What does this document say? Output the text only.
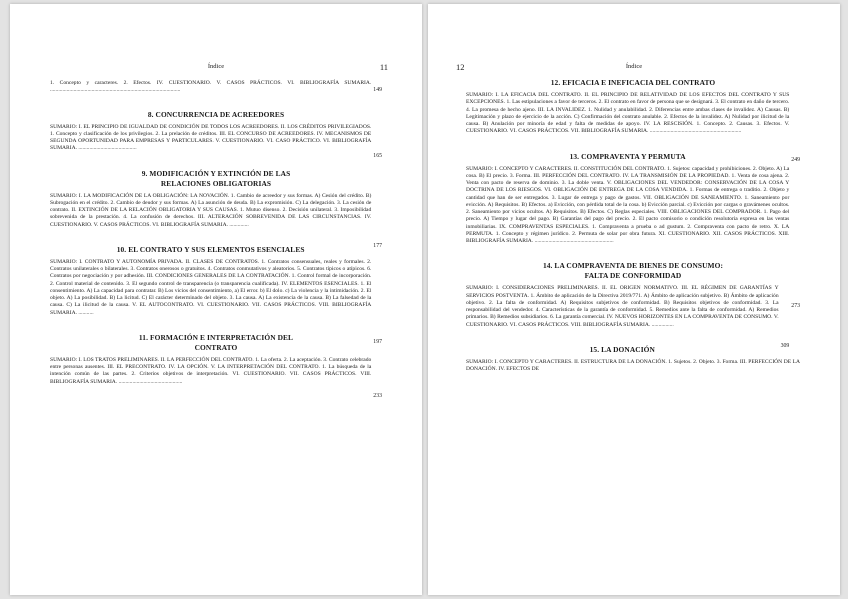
Índice	11

149
1. Concepto y caracteres. 2. Efectos. IV. CUESTIONARIO. V. CASOS PRÁCTICOS. VI. BIBLIOGRAFÍA SUMARIA. ..............................................................................................

8. CONCURRENCIA DE ACREEDORES

165
SUMARIO: I. EL PRINCIPIO DE IGUALDAD DE CONDICIÓN DE TODOS LOS ACREEDORES. II. LOS CRÉDITOS PRIVILEGIADOS. 1. Concepto y clasificación de los privilegios. 2. La prelación de créditos. III. EL CONCURSO DE ACREEDORES. IV. MECANISMOS DE SEGUNDA OPORTUNIDAD PARA EMPRESAS Y PARTICULARES. V. CUESTIONARIO. VI. CASO PRÁCTICO. VI. BIBLIOGRAFÍA SUMARIA. ..........................................

9. MODIFICACIÓN Y EXTINCIÓN DE LAS RELACIONES OBLIGATORIAS

177
SUMARIO: I. LA MODIFICACIÓN DE LA OBLIGACIÓN: LA NOVACIÓN. 1. Cambio de acreedor y sus formas. A) Cesión del crédito. B) Subrogación en el crédito. 2. Cambio de deudor y sus formas. A) La asunción de deuda. B) La expromisión. C) La delegación. 3. La cesión de contrato. II. EXTINCIÓN DE LA RELACIÓN OBLIGATORIA Y SUS CAUSAS. 1. Mutuo disenso. 2. Decisión unilateral. 3. Imposibilidad sobrevenida de la prestación. 4. La confusión de derechos. III. ALTERACIÓN SOBREVENIDA DE LAS CIRCUNSTANCIAS. IV. CUESTIONARIO. V. CASOS PRÁCTICOS. VI. BIBLIOGRAFÍA SUMARIA. ..............

10. EL CONTRATO Y SUS ELEMENTOS ESENCIALES

197
SUMARIO: I. CONTRATO Y AUTONOMÍA PRIVADA. II. CLASES DE CONTRATOS. 1. Contratos consensuales, reales y formales. 2. Contratos unilaterales o bilaterales. 3. Contratos onerosos o gratuitos. 4. Contratos conmutativos y aleatorios. 5. Contratos típicos o atípicos. 6. Contratos por negociación y por adhesión. III. CONDICIONES GENERALES DE LA CONTRATACIÓN. 1. Control formal de incorporación. 2. Control material de contenido. 3. El segundo control de transparencia (o transparencia cualificada). IV. ELEMENTOS ESENCIALES. 1. El consentimiento. A) La capacidad para contratar. B) Los vicios del consentimiento, a) El error. b) El dolo. c) La violencia y la intimidación. 2. El objeto. A) La posibilidad. B) La licitud. C) El carácter determinado del objeto. 3. La causa. A) La existencia de la causa. B) La falsedad de la causa. C) La ilicitud de la causa. V. EL AUTOCONTRATO. VI. CUESTIONARIO. VII. CASOS PRÁCTICOS. VIII. BIBLIOGRAFÍA SUMARIA. ...........

11. FORMACIÓN E INTERPRETACIÓN DEL CONTRATO

233
SUMARIO: I. LOS TRATOS PRELIMINARES. II. LA PERFECCIÓN DEL CONTRATO. 1. La oferta. 2. La aceptación. 3. Contrato celebrado entre personas ausentes. III. EL PRECONTRATO. IV. LA OPCIÓN. V. LA INTERPRETACIÓN DEL CONTRATO. 1. La búsqueda de la intención común de las partes. 2. Criterios objetivos de interpretación. VI. CUESTIONARIO. VII. CASOS PRÁCTICOS. VIII. BIBLIOGRAFÍA SUMARIA. ..............................................

12	Índice
12. EFICACIA E INEFICACIA DEL CONTRATO

249
SUMARIO: I. LA EFICACIA DEL CONTRATO. II. EL PRINCIPIO DE RELATIVIDAD DE LOS EFECTOS DEL CONTRATO Y SUS EXCEPCIONES. 1. Las estipulaciones a favor de terceros. 2. El contrato en favor de persona que se designará. 3. El contrato en daño de tercero. 4. La promesa de hecho ajeno. III. LA INVALIDEZ. 1. Nulidad y anulabilidad. 2. Diferencias entre ambas clases de invalidez. A) Causas. B) Legitimación y plazo de ejercicio de la acción. C) Confirmación del contrato anulable. 2. Efectos de la invalidez. A) Nulidad por ilicitud de la causa. B) Anulación por minoría de edad y falta de medidas de apoyo. IV. LA RESCISIÓN. 1. Concepto. 2. Causas. 3. Efectos. V. CUESTIONARIO. VI. CASOS PRÁCTICOS. VII. BIBLIOGRAFÍA SUMARIA. ..................................................................

13. COMPRAVENTA Y PERMUTA

273
SUMARIO: I. CONCEPTO Y CARACTERES. II. CONSTITUCIÓN DEL CONTRATO. 1. Sujetos: capacidad y prohibiciones. 2. Objeto. A) La cosa. B) El precio. 3. Forma. III. PERFECCIÓN DEL CONTRATO. IV. LA TRANSMISIÓN DE LA PROPIEDAD. 1. Venta de cosa ajena. 2. Venta con pacto de reserva de dominio. 3. La doble venta. V. OBLIGACIONES DEL VENDEDOR: CONSERVACIÓN DE LA COSA Y DOCTRINA DE LOS RIESGOS. VI. OBLIGACIÓN DE ENTREGA DE LA COSA VENDIDA. 1. Formas de entrega o traditio. 2. Objeto y cantidad que han de ser entregados. 3. Lugar de entrega y pago de gastos. VII. OBLIGACIÓN DE SANEAMIENTO. 1. Saneamiento por evicción. A) Requisitos. B) Efectos. a) Evicción, con pérdida total de la cosa. b) Evicción parcial. c) Evicción por cargas o gravámenes ocultos. 2. Saneamiento por vicios ocultos. A) Requisitos. B) Efectos. C) Reglas especiales. VIII. OBLIGACIONES DEL COMPRADOR. 1. Pago del precio. A) Tiempo y lugar del pago. B) Garantías del pago del precio. 2. El pacto comisorio o condición resolutoria expresa en las ventas inmobiliarias. IX. COMPRAVENTAS ESPECIALES. 1. Compraventa a prueba o ad gustum. 2. Compraventa con pacto de retro. X. LA PERMUTA. 1. Concepto y régimen jurídico. 2. Permuta de solar por obra futura. XI. CUESTIONARIO. XII. CASOS PRÁCTICOS. XIII. BIBLIOGRAFÍA SUMARIA. .........................................................

14. LA COMPRAVENTA DE BIENES DE CONSUMO: FALTA DE CONFORMIDAD

309
SUMARIO: I. CONSIDERACIONES PRELIMINARES. II. EL ORIGEN NORMATIVO. III. EL RÉGIMEN DE GARANTÍAS Y SERVICIOS POSTVENTA. 1. Ámbito de aplicación de la Directiva 2019/771. A) Ámbito de aplicación subjetivo. B) Ámbito de aplicación objetivo. 2. La falta de conformidad. A) Requisitos subjetivos de conformidad. B) Requisitos objetivos de conformidad. 3. La responsabilidad del vendedor. 4. Características de la garantía de conformidad. 5. Remedios ante la falta de conformidad. A) Remedios primarios. B) Remedios subsidiarios. 6. La garantía comercial. IV. NUEVOS HORIZONTES EN LA COMPRAVENTA DE CONSUMO. V. CUESTIONARIO. VI. CASOS PRÁCTICOS. VIII. BIBLIOGRAFÍA SUMARIA. ................

15. LA DONACIÓN

SUMARIO: I. CONCEPTO Y CARACTERES. II. ESTRUCTURA DE LA DONACIÓN. 1. Sujetos. 2. Objeto. 3. Forma. III. PERFECCIÓN DE LA DONACIÓN. IV. EFECTOS DE
